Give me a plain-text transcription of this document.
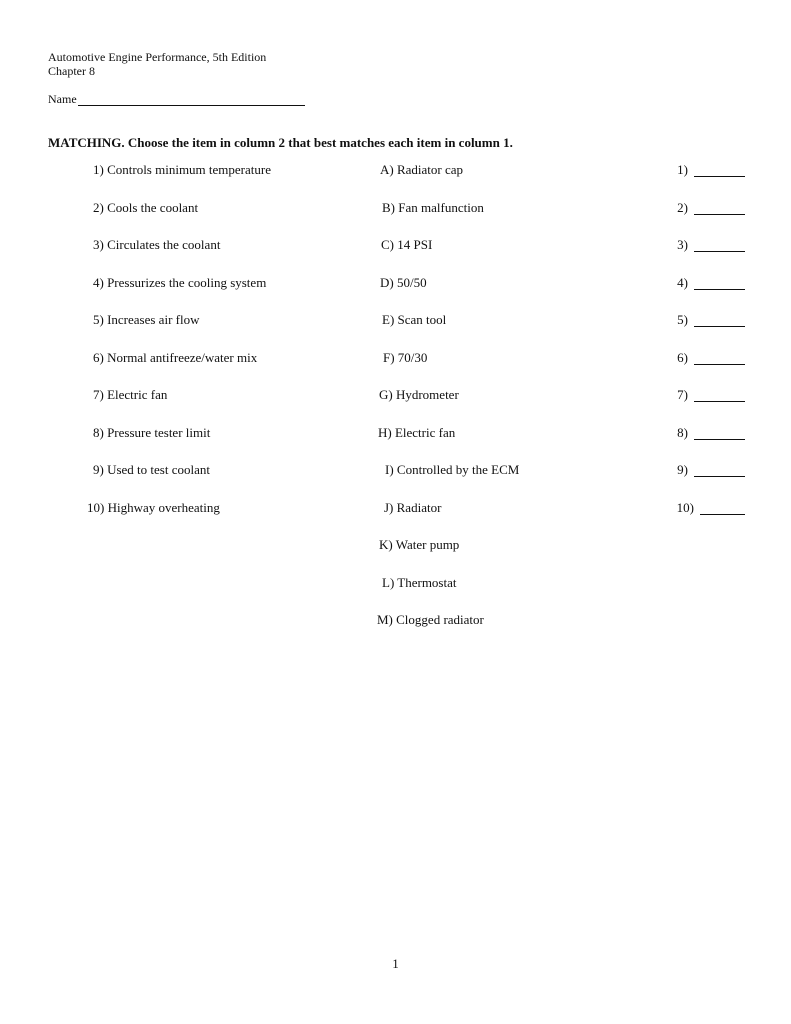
Automotive Engine Performance, 5th Edition
Chapter 8
Name
MATCHING. Choose the item in column 2 that best matches each item in column 1.
1) Controls minimum temperature
2) Cools the coolant
3) Circulates the coolant
4) Pressurizes the cooling system
5) Increases air flow
6) Normal antifreeze/water mix
7) Electric fan
8) Pressure tester limit
9) Used to test coolant
10) Highway overheating
A) Radiator cap
B) Fan malfunction
C) 14 PSI
D) 50/50
E) Scan tool
F) 70/30
G) Hydrometer
H) Electric fan
I) Controlled by the ECM
J) Radiator
K) Water pump
L) Thermostat
M) Clogged radiator
1)
2)
3)
4)
5)
6)
7)
8)
9)
10)
1
